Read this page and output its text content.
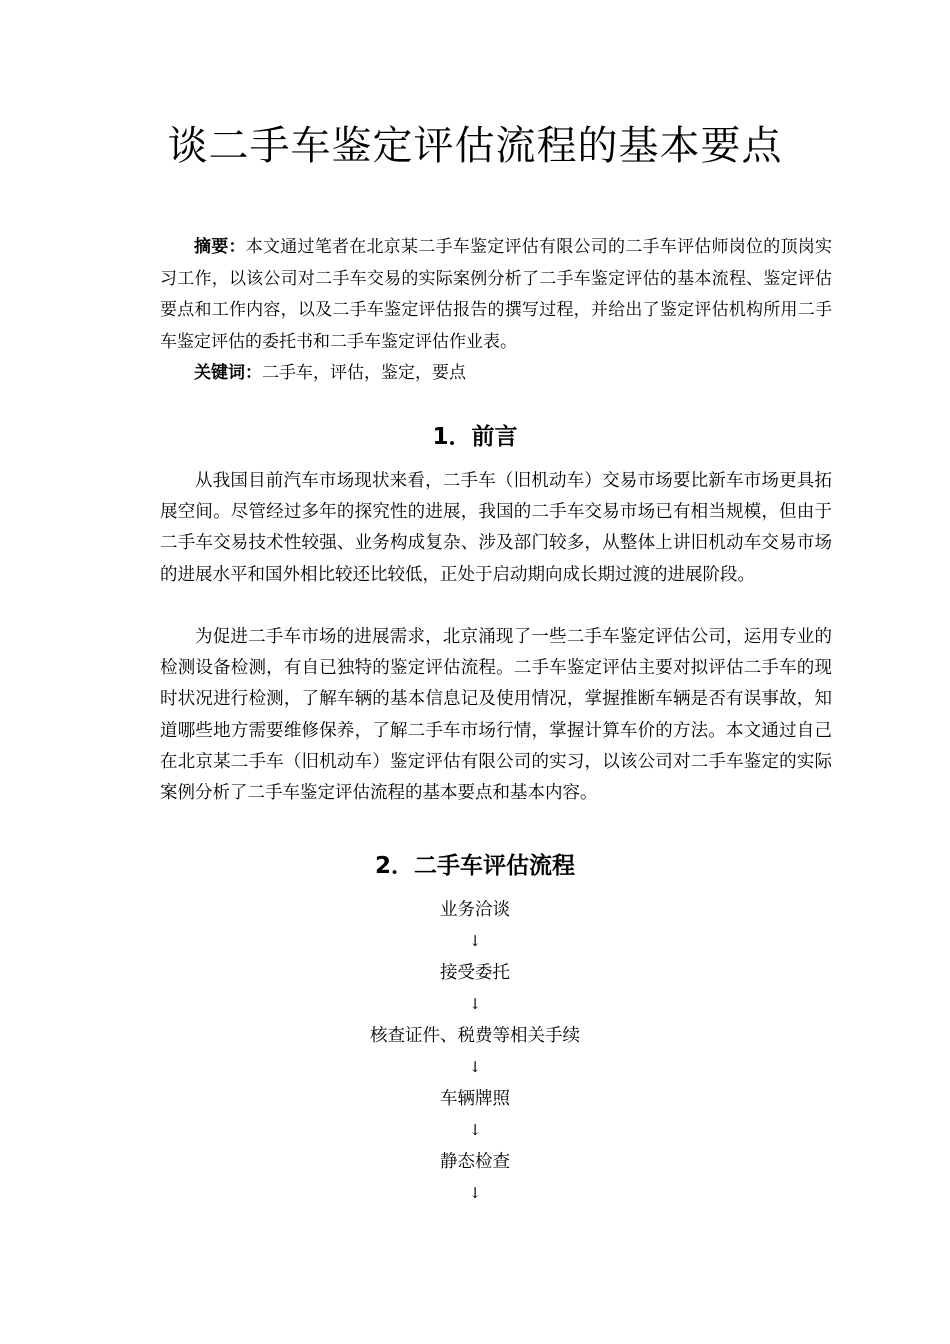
谈二手车鉴定评估流程的基本要点

摘要：本文通过笔者在北京某二手车鉴定评估有限公司的二手车评估师岗位的顶岗实习工作，以该公司对二手车交易的实际案例分析了二手车鉴定评估的基本流程、鉴定评估要点和工作内容，以及二手车鉴定评估报告的撰写过程，并给出了鉴定评估机构所用二手车鉴定评估的委托书和二手车鉴定评估作业表。

关键词：二手车，评估，鉴定，要点

1．前言

从我国目前汽车市场现状来看，二手车（旧机动车）交易市场要比新车市场更具拓展空间。尽管经过多年的探究性的进展，我国的二手车交易市场已有相当规模，但由于二手车交易技术性较强、业务构成复杂、涉及部门较多，从整体上讲旧机动车交易市场的进展水平和国外相比较还比较低，正处于启动期向成长期过渡的进展阶段。

为促进二手车市场的进展需求，北京涌现了一些二手车鉴定评估公司，运用专业的检测设备检测，有自已独特的鉴定评估流程。二手车鉴定评估主要对拟评估二手车的现时状况进行检测，了解车辆的基本信息记及使用情况，掌握推断车辆是否有误事故，知道哪些地方需要维修保养，了解二手车市场行情，掌握计算车价的方法。本文通过自己在北京某二手车（旧机动车）鉴定评估有限公司的实习，以该公司对二手车鉴定的实际案例分析了二手车鉴定评估流程的基本要点和基本内容。

2．二手车评估流程
业务洽谈
↓
接受委托
↓
核查证件、税费等相关手续
↓
车辆牌照
↓
静态检查
↓
